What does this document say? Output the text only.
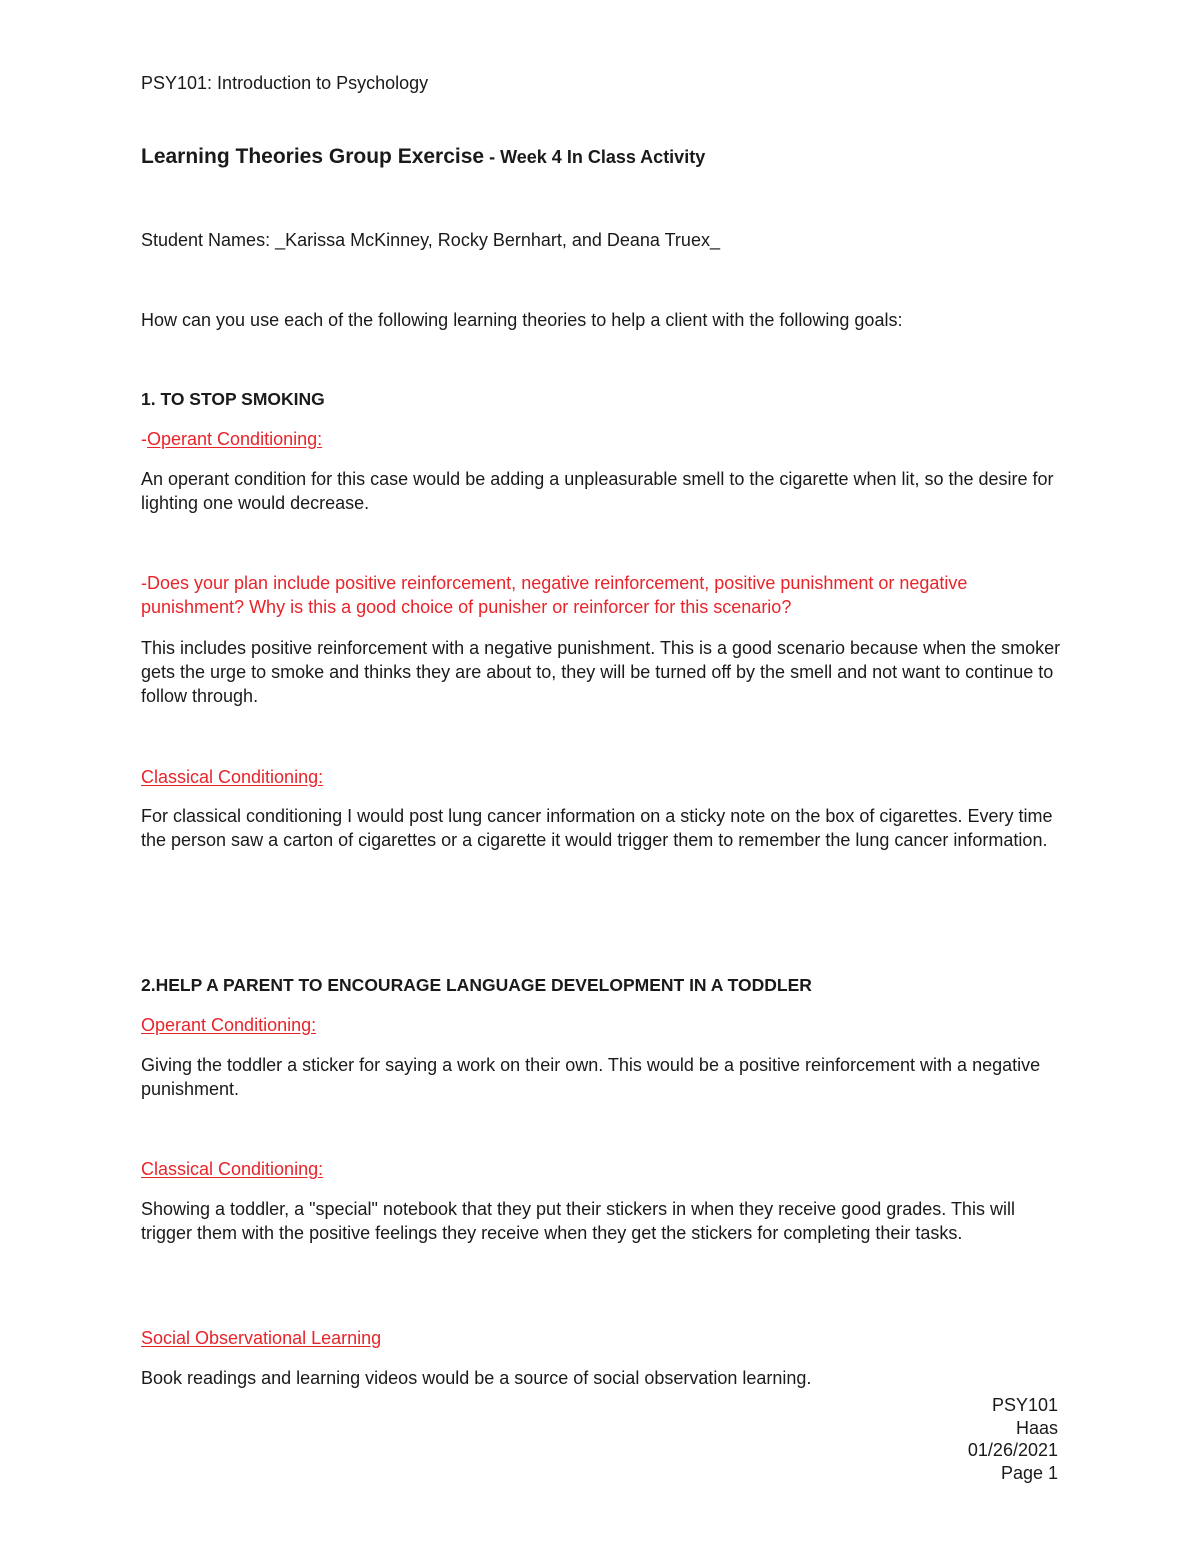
PSY101: Introduction to Psychology

Learning Theories Group Exercise - Week 4 In Class Activity

Student Names: _Karissa McKinney, Rocky Bernhart, and Deana Truex_

How can you use each of the following learning theories to help a client with the following goals:

1. TO STOP SMOKING

-Operant Conditioning:

An operant condition for this case would be adding a unpleasurable smell to the cigarette when lit, so the desire for lighting one would decrease.

-Does your plan include positive reinforcement, negative reinforcement, positive punishment or negative punishment? Why is this a good choice of punisher or reinforcer for this scenario?

This includes positive reinforcement with a negative punishment. This is a good scenario because when the smoker gets the urge to smoke and thinks they are about to, they will be turned off by the smell and not want to continue to follow through.

Classical Conditioning:

For classical conditioning I would post lung cancer information on a sticky note on the box of cigarettes. Every time the person saw a carton of cigarettes or a cigarette it would trigger them to remember the lung cancer information.

2.HELP A PARENT TO ENCOURAGE LANGUAGE DEVELOPMENT IN A TODDLER

Operant Conditioning:

Giving the toddler a sticker for saying a work on their own. This would be a positive reinforcement with a negative punishment.

Classical Conditioning:

Showing a toddler, a "special" notebook that they put their stickers in when they receive good grades. This will trigger them with the positive feelings they receive when they get the stickers for completing their tasks.

Social Observational Learning

Book readings and learning videos would be a source of social observation learning.

PSY101
Haas
01/26/2021
Page 1
